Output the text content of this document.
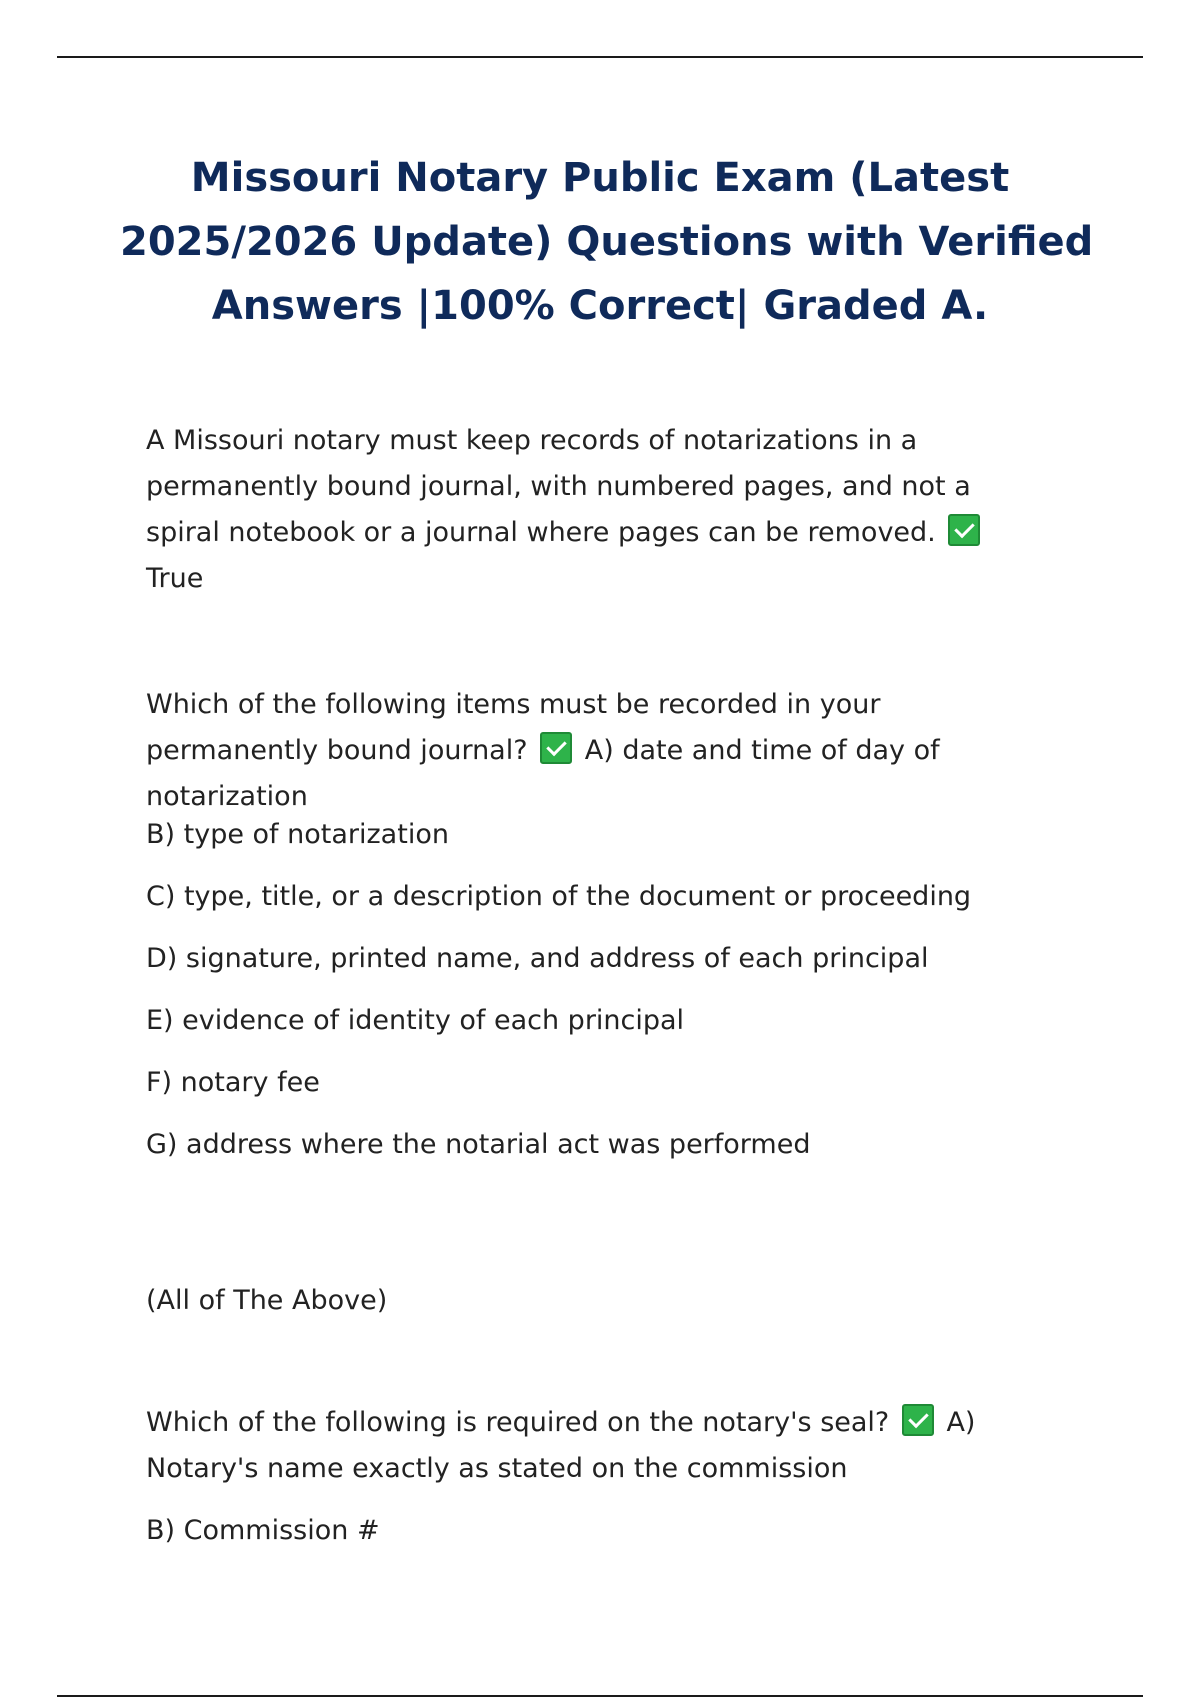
Missouri Notary Public Exam (Latest
2025/2026 Update) Questions with Verified
Answers |100% Correct| Graded A.
A Missouri notary must keep records of notarizations in a
permanently bound journal, with numbered pages, and not a
spiral notebook or a journal where pages can be removed.
True
Which of the following items must be recorded in your
permanently bound journal? A) date and time of day of
notarization
B) type of notarization
C) type, title, or a description of the document or proceeding
D) signature, printed name, and address of each principal
E) evidence of identity of each principal
F) notary fee
G) address where the notarial act was performed
(All of The Above)
Which of the following is required on the notary's seal? A)
Notary's name exactly as stated on the commission
B) Commission #
